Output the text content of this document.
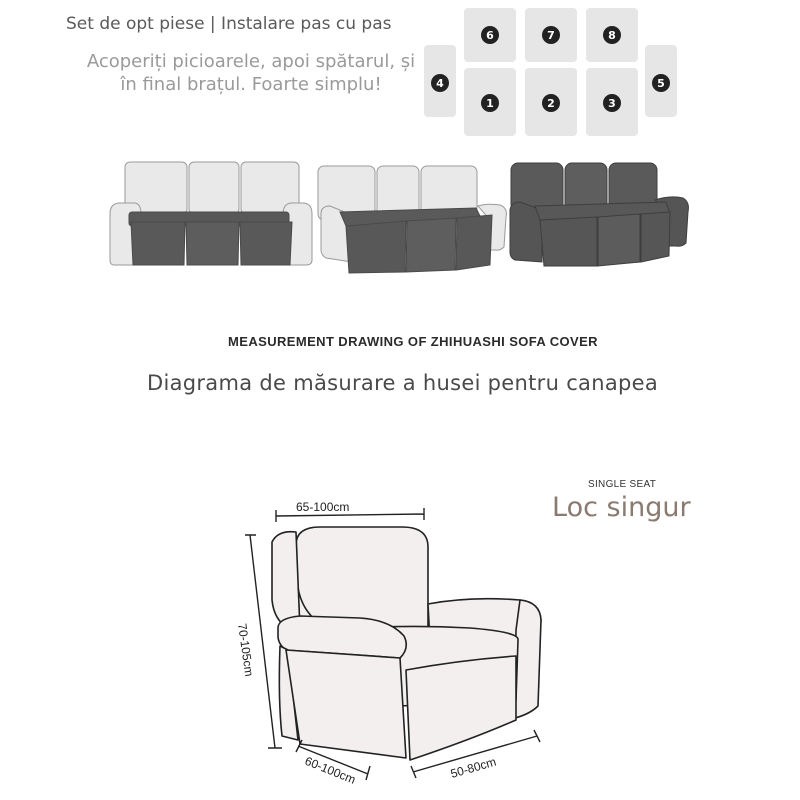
Set de opt piese | Instalare pas cu pas
Acoperiți picioarele, apoi spătarul, și în final brațul. Foarte simplu!
6	7	8
4
1	2	3
5
MEASUREMENT DRAWING OF ZHIHUASHI SOFA COVER
Diagrama de măsurare a husei pentru canapea
SINGLE SEAT
Loc singur
65-100cm
70-105cm
60-100cm	50-80cm
